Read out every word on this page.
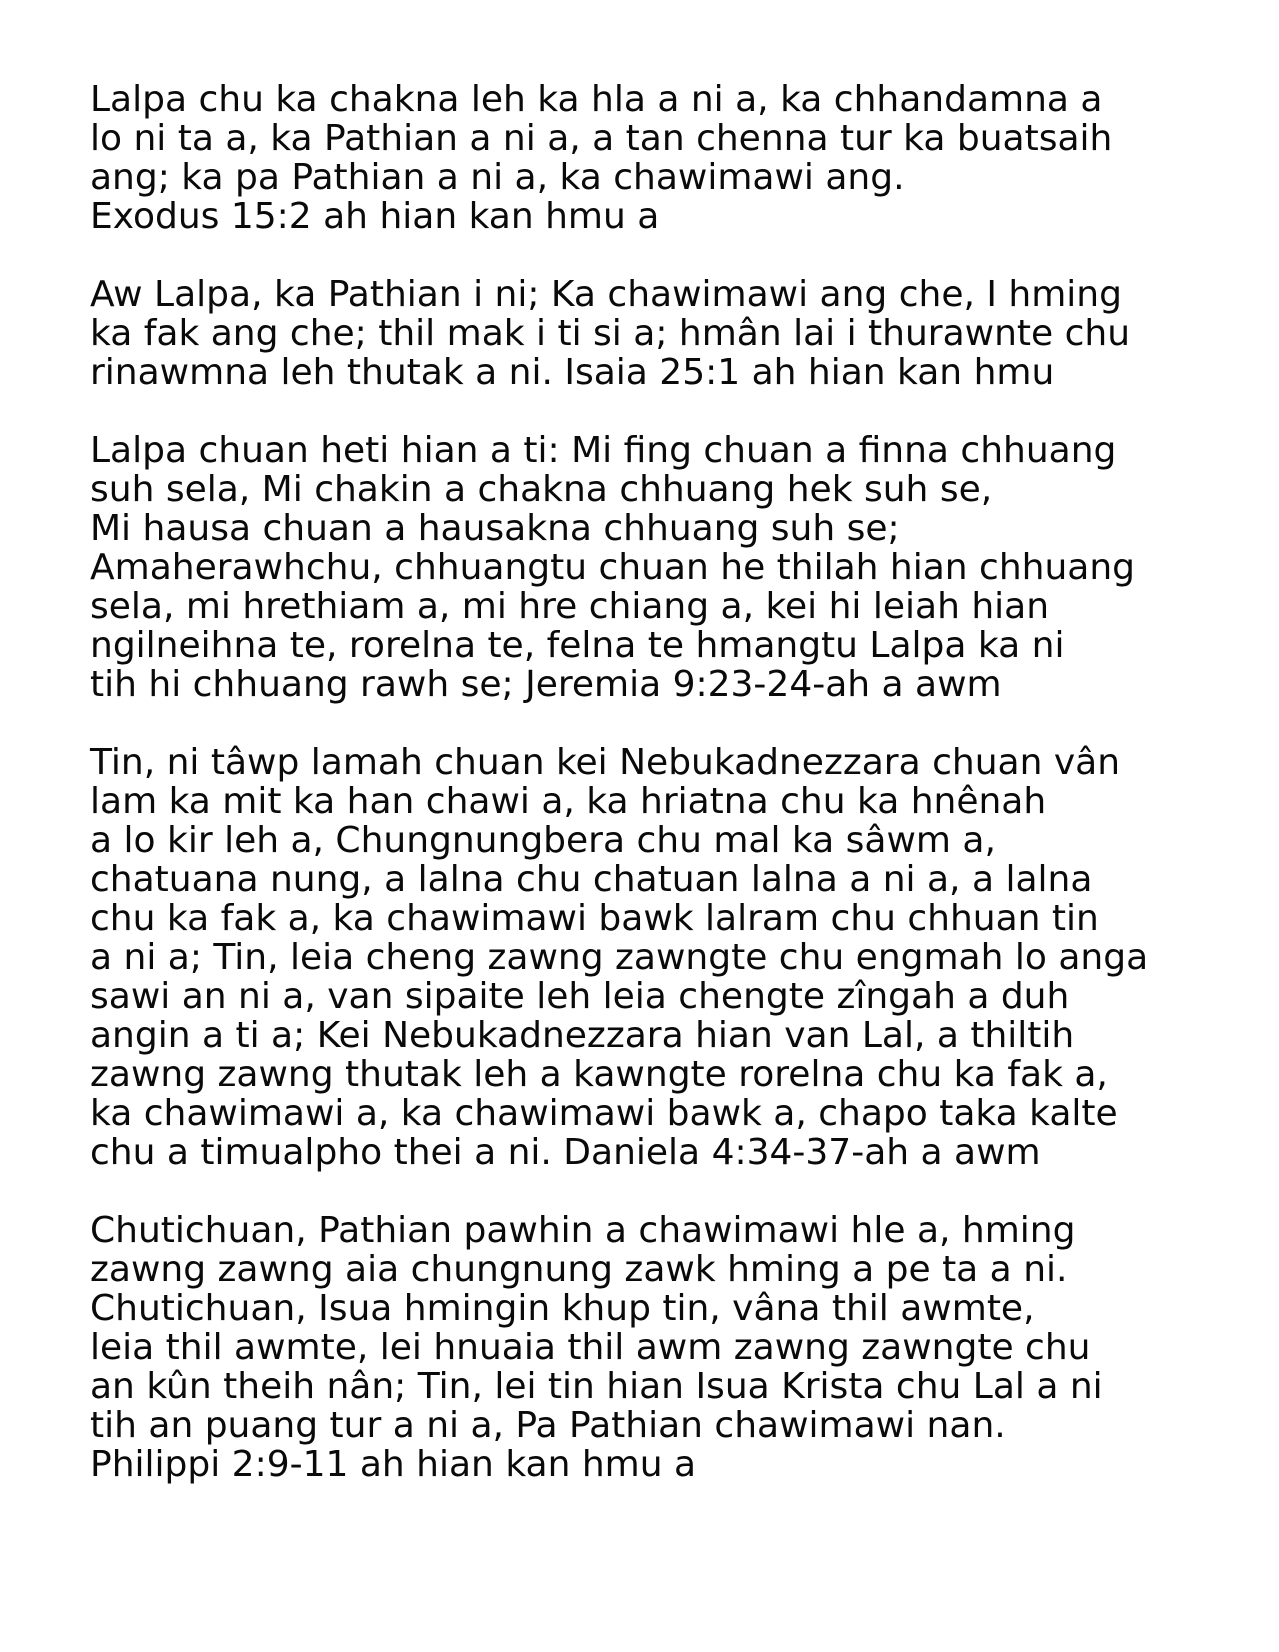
Lalpa chu ka chakna leh ka hla a ni a, ka chhandamna a
lo ni ta a, ka Pathian a ni a, a tan chenna tur ka buatsaih
ang; ka pa Pathian a ni a, ka chawimawi ang.
Exodus 15:2 ah hian kan hmu a
Aw Lalpa, ka Pathian i ni; Ka chawimawi ang che, I hming
ka fak ang che; thil mak i ti si a; hmân lai i thurawnte chu
rinawmna leh thutak a ni. Isaia 25:1 ah hian kan hmu
Lalpa chuan heti hian a ti: Mi fing chuan a finna chhuang
suh sela, Mi chakin a chakna chhuang hek suh se,
Mi hausa chuan a hausakna chhuang suh se;
Amaherawhchu, chhuangtu chuan he thilah hian chhuang
sela, mi hrethiam a, mi hre chiang a, kei hi leiah hian
ngilneihna te, rorelna te, felna te hmangtu Lalpa ka ni
tih hi chhuang rawh se; Jeremia 9:23-24-ah a awm
Tin, ni tâwp lamah chuan kei Nebukadnezzara chuan vân
lam ka mit ka han chawi a, ka hriatna chu ka hnênah
a lo kir leh a, Chungnungbera chu mal ka sâwm a,
chatuana nung, a lalna chu chatuan lalna a ni a, a lalna
chu ka fak a, ka chawimawi bawk lalram chu chhuan tin
a ni a; Tin, leia cheng zawng zawngte chu engmah lo anga
sawi an ni a, van sipaite leh leia chengte zîngah a duh
angin a ti a; Kei Nebukadnezzara hian van Lal, a thiltih
zawng zawng thutak leh a kawngte rorelna chu ka fak a,
ka chawimawi a, ka chawimawi bawk a, chapo taka kalte
chu a timualpho thei a ni. Daniela 4:34-37-ah a awm
Chutichuan, Pathian pawhin a chawimawi hle a, hming
zawng zawng aia chungnung zawk hming a pe ta a ni.
Chutichuan, Isua hmingin khup tin, vâna thil awmte,
leia thil awmte, lei hnuaia thil awm zawng zawngte chu
an kûn theih nân; Tin, lei tin hian Isua Krista chu Lal a ni
tih an puang tur a ni a, Pa Pathian chawimawi nan.
Philippi 2:9-11 ah hian kan hmu a
